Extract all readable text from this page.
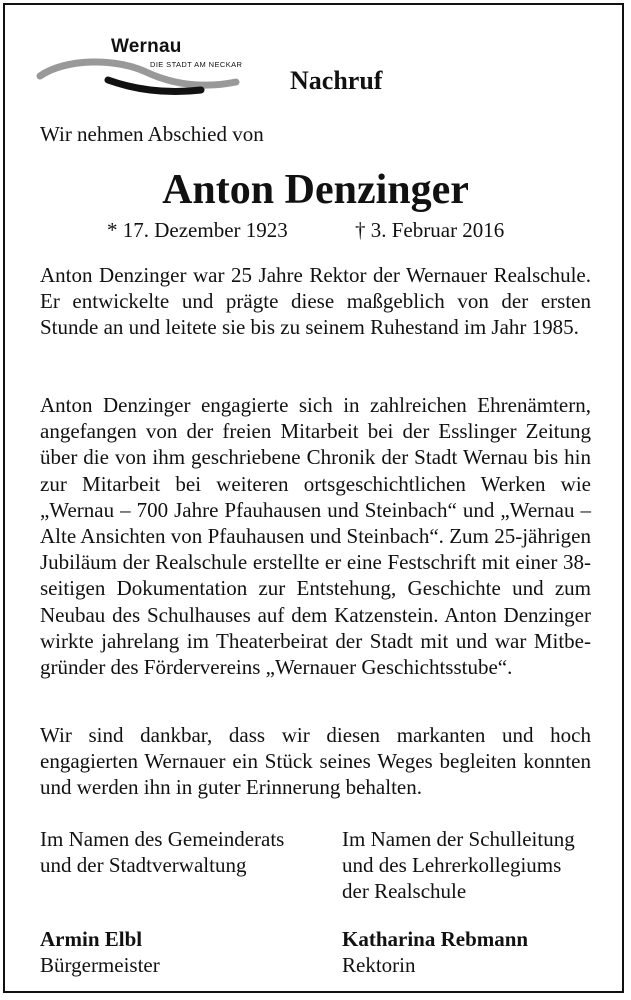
Wernau
DIE STADT AM NECKAR
Nachruf
Wir nehmen Abschied von
Anton Denzinger
* 17. Dezember 1923	† 3. Februar 2016
Anton Denzinger war 25 Jahre Rektor der Wernauer Realschule. Er entwickelte und prägte diese maßgeblich von der ersten Stunde an und leitete sie bis zu seinem Ruhestand im Jahr 1985.
Anton Denzinger engagierte sich in zahlreichen Ehrenämtern, angefangen von der freien Mitarbeit bei der Esslinger Zeitung über die von ihm geschriebene Chronik der Stadt Wernau bis hin zur Mitarbeit bei weiteren ortsgeschichtlichen Werken wie „Wernau – 700 Jahre Pfauhausen und Steinbach“ und „Wernau – Alte Ansichten von Pfauhausen und Steinbach“. Zum 25-jährigen Jubiläum der Realschule erstellte er eine Festschrift mit einer 38-seitigen Dokumentation zur Entstehung, Geschichte und zum Neubau des Schulhauses auf dem Katzenstein. Anton Denzinger wirkte jahrelang im Theaterbeirat der Stadt mit und war Mitbegründer des Fördervereins „Wernauer Geschichtsstube“.
Wir sind dankbar, dass wir diesen markanten und hoch engagierten Wernauer ein Stück seines Weges begleiten konnten und werden ihn in guter Erinnerung behalten.
Im Namen des Gemeinderats
und der Stadtverwaltung
Im Namen der Schulleitung
und des Lehrerkollegiums
der Realschule
Armin Elbl
Bürgermeister
Katharina Rebmann
Rektorin
